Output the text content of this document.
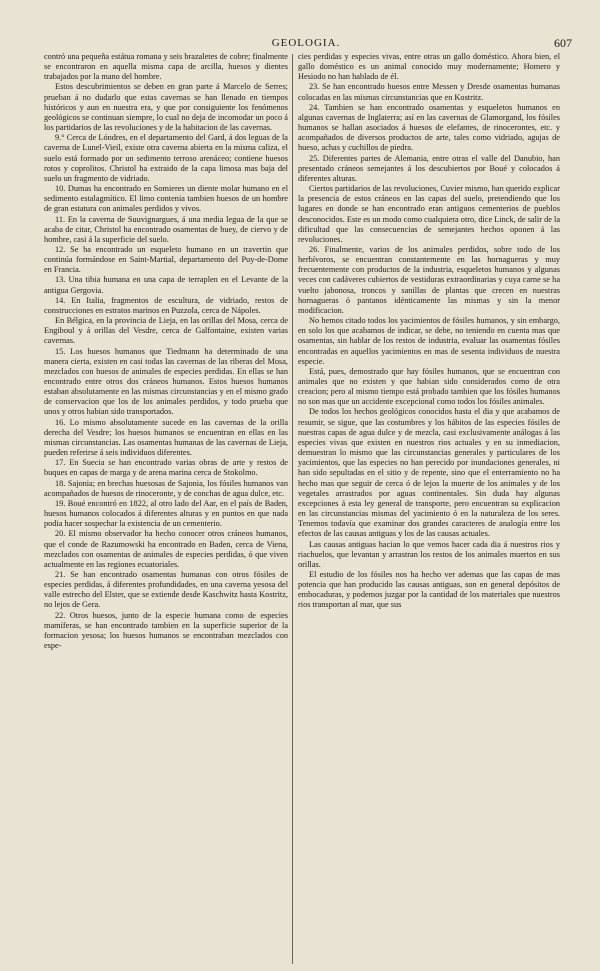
GEOLOGIA.	607

contró una pequeña estátua romana y seis brazaletes de cobre; finalmente se encontraron en aquella misma capa de arcilla, huesos y dientes trabajados por la mano del hombre.

Estos descubrimientos se deben en gran parte á Marcelo de Serres; prueban á no dudarlo que estas cavernas se han llenado en tiempos históricos y aun en nuestra era, y que por consiguiente los fenómenos geológicos se continuan siempre, lo cual no deja de incomodar un poco á los partidarios de las revoluciones y de la habitacion de las cavernas.

9.° Cerca de Lóndres, en el departamento del Gard, á dos leguas de la caverna de Lunel-Vieil, existe otra caverna abierta en la misma caliza, el suelo está formado por un sedimento terroso arenáceo; contiene huesos rotos y coprolitos. Christol ha extraido de la capa limosa mas baja del suelo un fragmento de vidriado.

10. Dumas ha encontrado en Somieres un diente molar humano en el sedimento estalagmítico. El limo contenia tambien huesos de un hombre de gran estatura con animales perdidos y vivos.

11. En la caverna de Suuvignargues, á una media legua de la que se acaba de citar, Christol ha encontrado osamentas de buey, de ciervo y de hombre, casi á la superficie del suelo.

12. Se ha encontrado un esqueleto humano en un travertin que continúa formándose en Saint-Martial, departamento del Puy-de-Dome en Francia.

13. Una tibia humana en una capa de terraplen en el Levante de la antigua Gergovia.

14. En Italia, fragmentos de escultura, de vidriado, restos de construcciones en estratos marinos en Puzzola, cerca de Nápoles.

En Bélgica, en la provincia de Lieja, en las orillas del Mosa, cerca de Engiboul y á orillas del Vesdre, cerca de Galfontaine, existen varias cavernas.

15. Los huesos humanos que Tiedmann ha determinado de una manera cierta, existen en casi todas las cavernas de las riberas del Mosa, mezclados con huesos de animales de especies perdidas. En ellas se han encontrado entre otros dos cráneos humanos. Estos huesos humanos estaban absolutamente en las mismas circunstancias y en el mismo grado de conservacion que los de los animales perdidos, y todo prueba que unos y otros habian sido transportados.

16. Lo mismo absolutamente sucede en las cavernas de la orilla derecha del Vesdre; los huesos humanos se encuentran en ellas en las mismas circunstancias. Las osamentas humanas de las cavernas de Lieja, pueden referirse á seis individuos diferentes.

17. En Suecia se han encontrado varias obras de arte y restos de buques en capas de marga y de arena marina cerca de Stokolmo.

18. Sajonia; en brechas huesosas de Sajonia, los fósiles humanos van acompañados de huesos de rinoceronte, y de conchas de agua dulce, etc.

19. Boué encontró en 1822, al otro lado del Aar, en el país de Baden, huesos humanos colocados á diferentes alturas y en puntos en que nada podia hacer sospechar la existencia de un cementerio.

20. El mismo observador ha hecho conocer otros cráneos humanos, que el conde de Razumowski ha encontrado en Baden, cerca de Viena, mezclados con osamentas de animales de especies perdidas, ó que viven actualmente en las regiones ecuatoriales.

21. Se han encontrado osamentas humanas con otros fósiles de especies perdidas, á diferentes profundidades, en una caverna yesosa del valle estrecho del Elster, que se extiende desde Kaschwitz hasta Kostritz, no lejos de Gera.

22. Otros huesos, junto de la especie humana como de especies mamíferas, se han encontrado tambien en la superficie superior de la formacion yesosa; los huesos humanos se encontraban mezclados con espe-

cies perdidas y especies vivas, entre otras un gallo doméstico. Ahora bien, el gallo doméstico es un animal conocido muy modernamente; Homero y Hesiodo no han hablado de él.

23. Se han encontrado huesos entre Messen y Dresde osamentas humanas colocadas en las mismas circunstancias que en Kostritz.

24. Tambien se han encontrado osamentas y esqueletos humanos en algunas cavernas de Inglaterra; así en las cavernas de Glamorgand, los fósiles humanos se hallan asociados á huesos de elefantes, de rinocerontes, etc. y acompañados de diversos productos de arte, tales como vidriado, agujas de hueso, achas y cuchillos de piedra.

25. Diferentes partes de Alemania, entre otras el valle del Danubio, han presentado cráneos semejantes á los descubiertos por Boué y colocados á diferentes alturas.

Ciertos partidarios de las revoluciones, Cuvier mismo, han querido explicar la presencia de estos cráneos en las capas del suelo, pretendiendo que los lugares en donde se han encontrado eran antiguos cementerios de pueblos desconocidos. Este es un modo como cualquiera otro, dice Linck, de salir de la dificultad que las consecuencias de semejantes hechos oponen á las revoluciones.

26. Finalmente, varios de los animales perdidos, sobre todo de los herbívoros, se encuentran constantemente en las hornagueras y muy frecuentemente con productos de la industria, esqueletos humanos y algunas veces con cadáveres cubiertos de vestiduras extraordinarias y cuya carne se ha vuelto jabonosa, troncos y sanillas de plantas que crecen en nuestras hornagueras ó pantanos idénticamente las mismas y sin la menor modificacion.

No hemos citado todos los yacimientos de fósiles humanos, y sin embargo, en solo los que acabamos de indicar, se debe, no teniendo en cuenta mas que osamentas, sin hablar de los restos de industria, evaluar las osamentas fósiles encontradas en aquellos yacimientos en mas de sesenta individuos de nuestra especie.

Está, pues, demostrado que hay fósiles humanos, que se encuentran con animales que no existen y que habian sido considerados como de otra creacion; pero al mismo tiempo está probado tambien que los fósiles humanos no son mas que un accidente excepcional como todos los fósiles animales.

De todos los hechos geológicos conocidos hasta el dia y que acabamos de resumir, se sigue, que las costumbres y los hábitos de las especies fósiles de nuestras capas de agua dulce y de mezcla, casi exclusivamente análogas á las especies vivas que existen en nuestros rios actuales y en su inmediacion, demuestran lo mismo que las circunstancias generales y particulares de los yacimientos, que las especies no han perecido por inundaciones generales, ni han sido sepultadas en el sitio y de repente, sino que el enterramiento no ha hecho mas que seguir de cerca ó de lejos la muerte de los animales y de los vegetales arrastrados por aguas continentales. Sin duda hay algunas excepciones á esta ley general de transporte, pero encuentran su explicacion en las circunstancias mismas del yacimiento ó en la naturaleza de los seres. Tenemos todavía que examinar dos grandes caracteres de analogía entre los efectos de las causas antiguas y los de las causas actuales.

Las causas antiguas hacian lo que vemos hacer cada dia á nuestros rios y riachuelos, que levantan y arrastran los restos de los animales muertos en sus orillas.

El estudio de los fósiles nos ha hecho ver ademas que las capas de mas potencia que han producido las causas antiguas, son en general depósitos de embocaduras, y podemos juzgar por la cantidad de los materiales que nuestros rios transportan al mar, que sus
